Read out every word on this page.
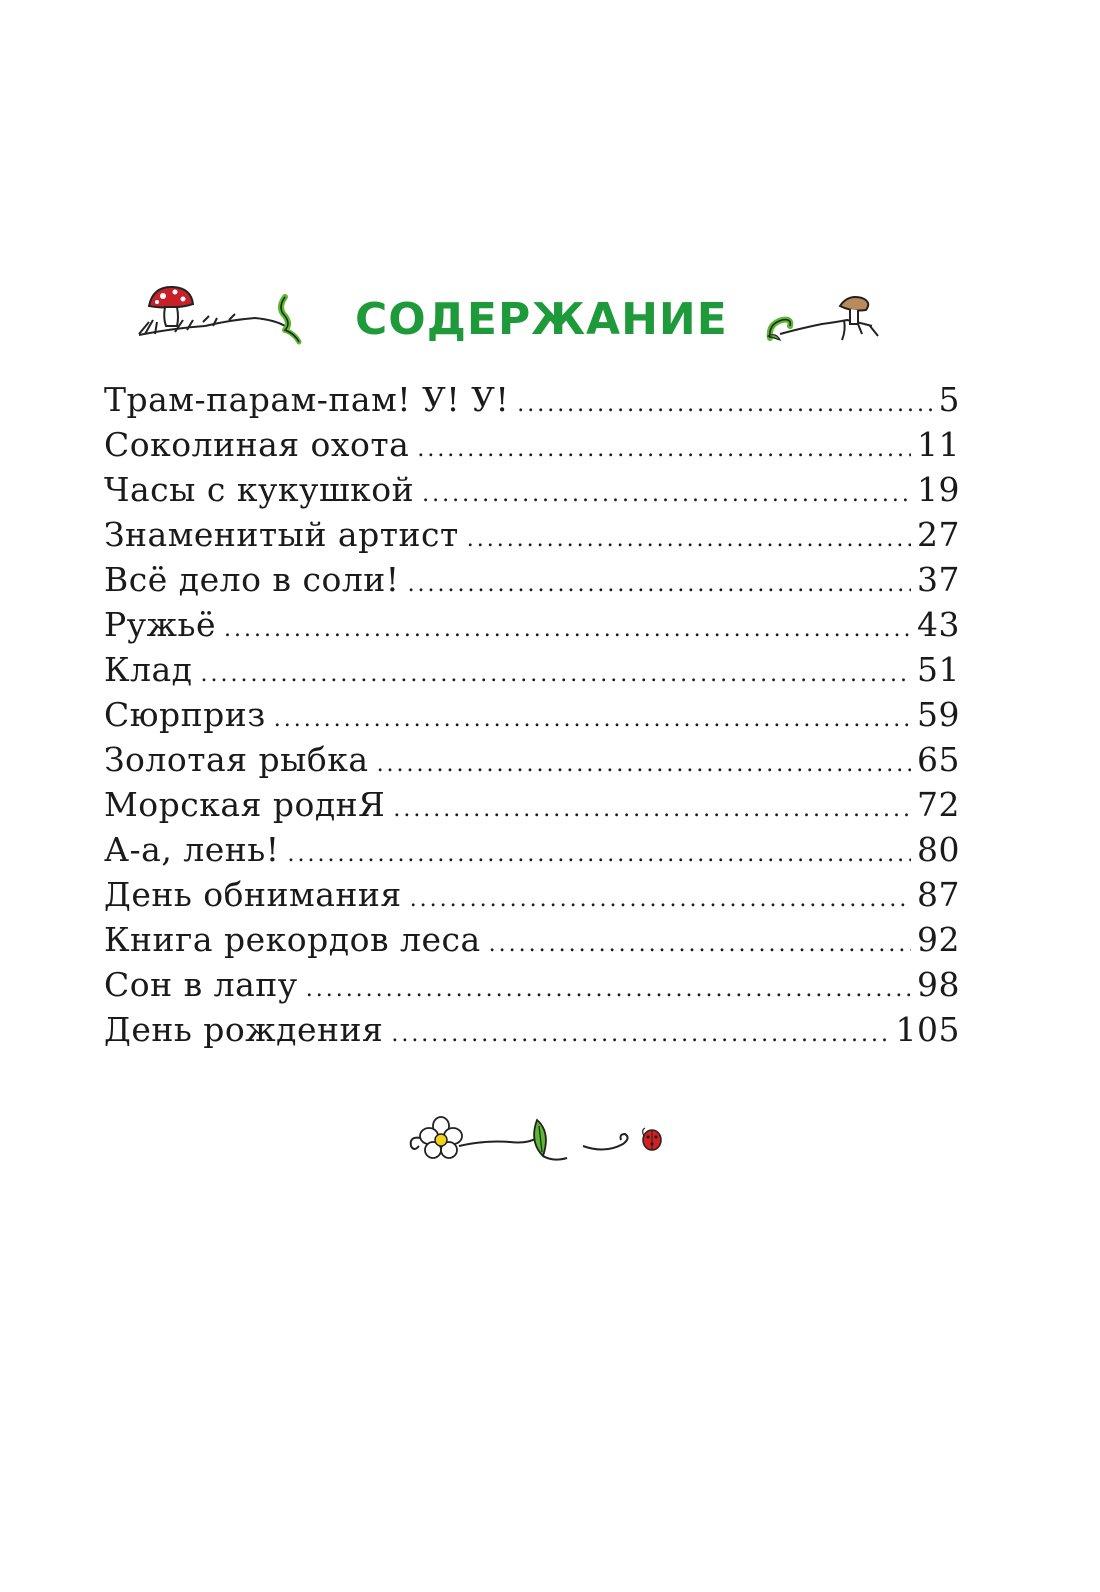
СОДЕРЖАНИЕ
Трам-парам-пам! У! У! .....	5
Соколиная охота .....	11
Часы с кукушкой .....	19
Знаменитый артист .....	27
Всё дело в соли! .....	37
Ружьё .....	43
Клад .....	51
Сюрприз .....	59
Золотая рыбка .....	65
Морская роднЯ .....	72
А-а, лень! .....	80
День обнимания .....	87
Книга рекордов леса .....	92
Сон в лапу .....	98
День рождения .....	105
